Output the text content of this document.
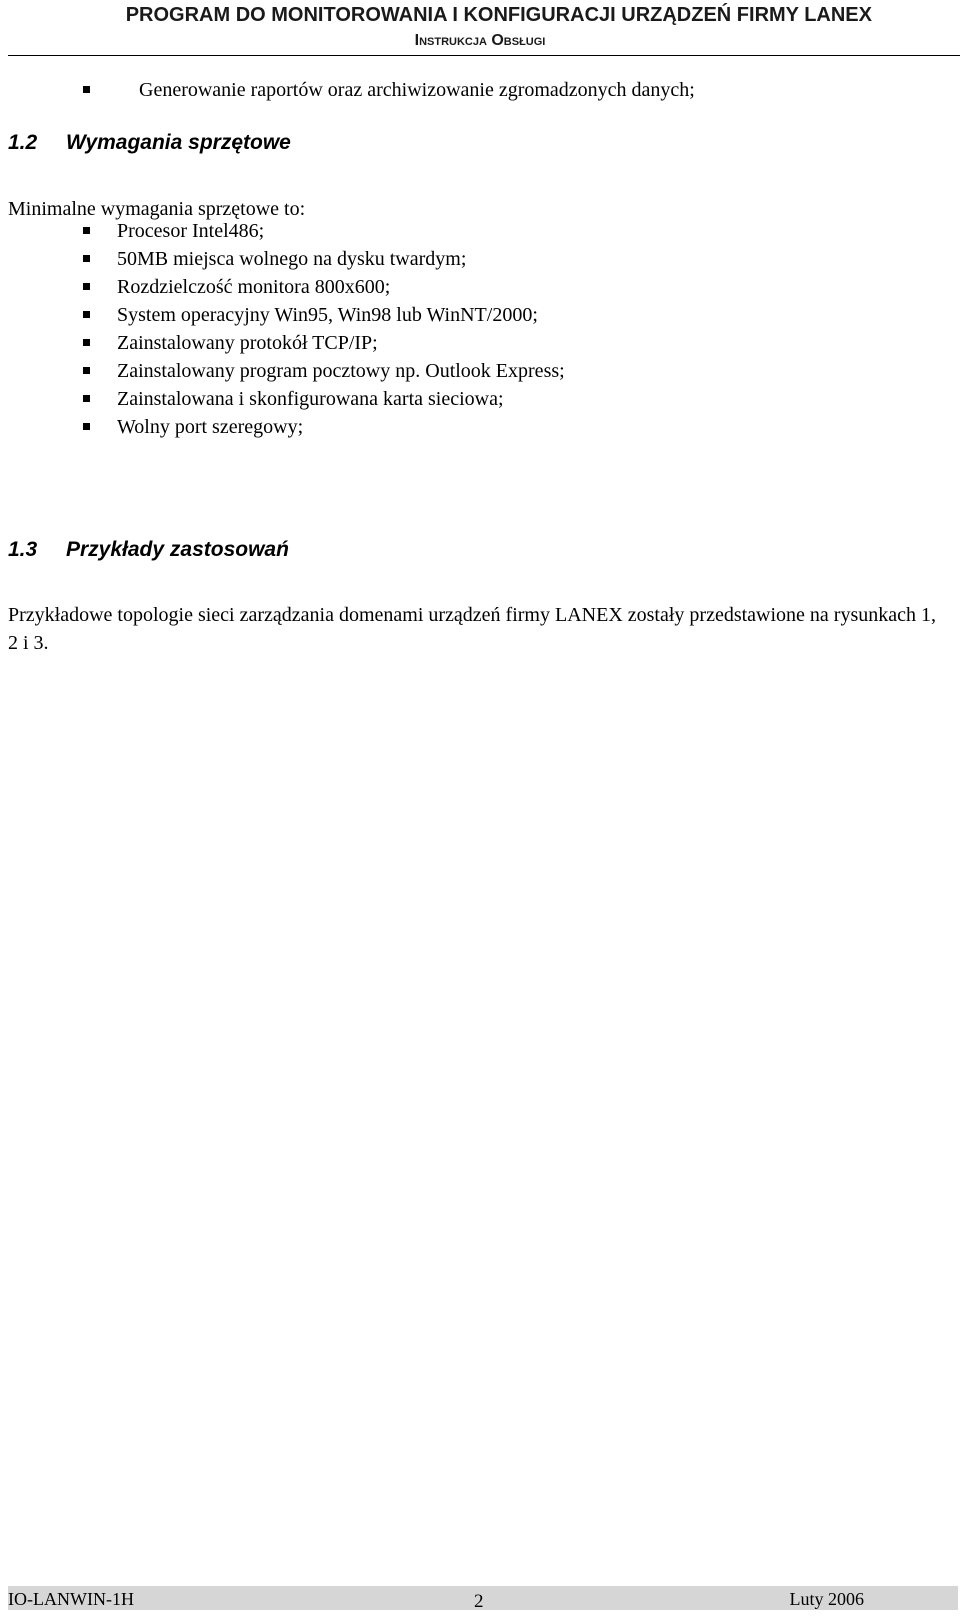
PROGRAM DO MONITOROWANIA I KONFIGURACJI URZĄDZEŃ FIRMY LANEX
Instrukcja Obsługi
Generowanie raportów oraz archiwizowanie zgromadzonych danych;
1.2 Wymagania sprzętowe
Minimalne wymagania sprzętowe to:
Procesor Intel486;
50MB miejsca wolnego na dysku twardym;
Rozdzielczość monitora 800x600;
System operacyjny Win95, Win98 lub WinNT/2000;
Zainstalowany protokół TCP/IP;
Zainstalowany program pocztowy np. Outlook Express;
Zainstalowana i skonfigurowana karta sieciowa;
Wolny port szeregowy;
1.3 Przykłady zastosowań
Przykładowe topologie sieci zarządzania domenami urządzeń firmy LANEX zostały przedstawione na rysunkach 1, 2 i 3.
IO-LANWIN-1H	2	Luty 2006
